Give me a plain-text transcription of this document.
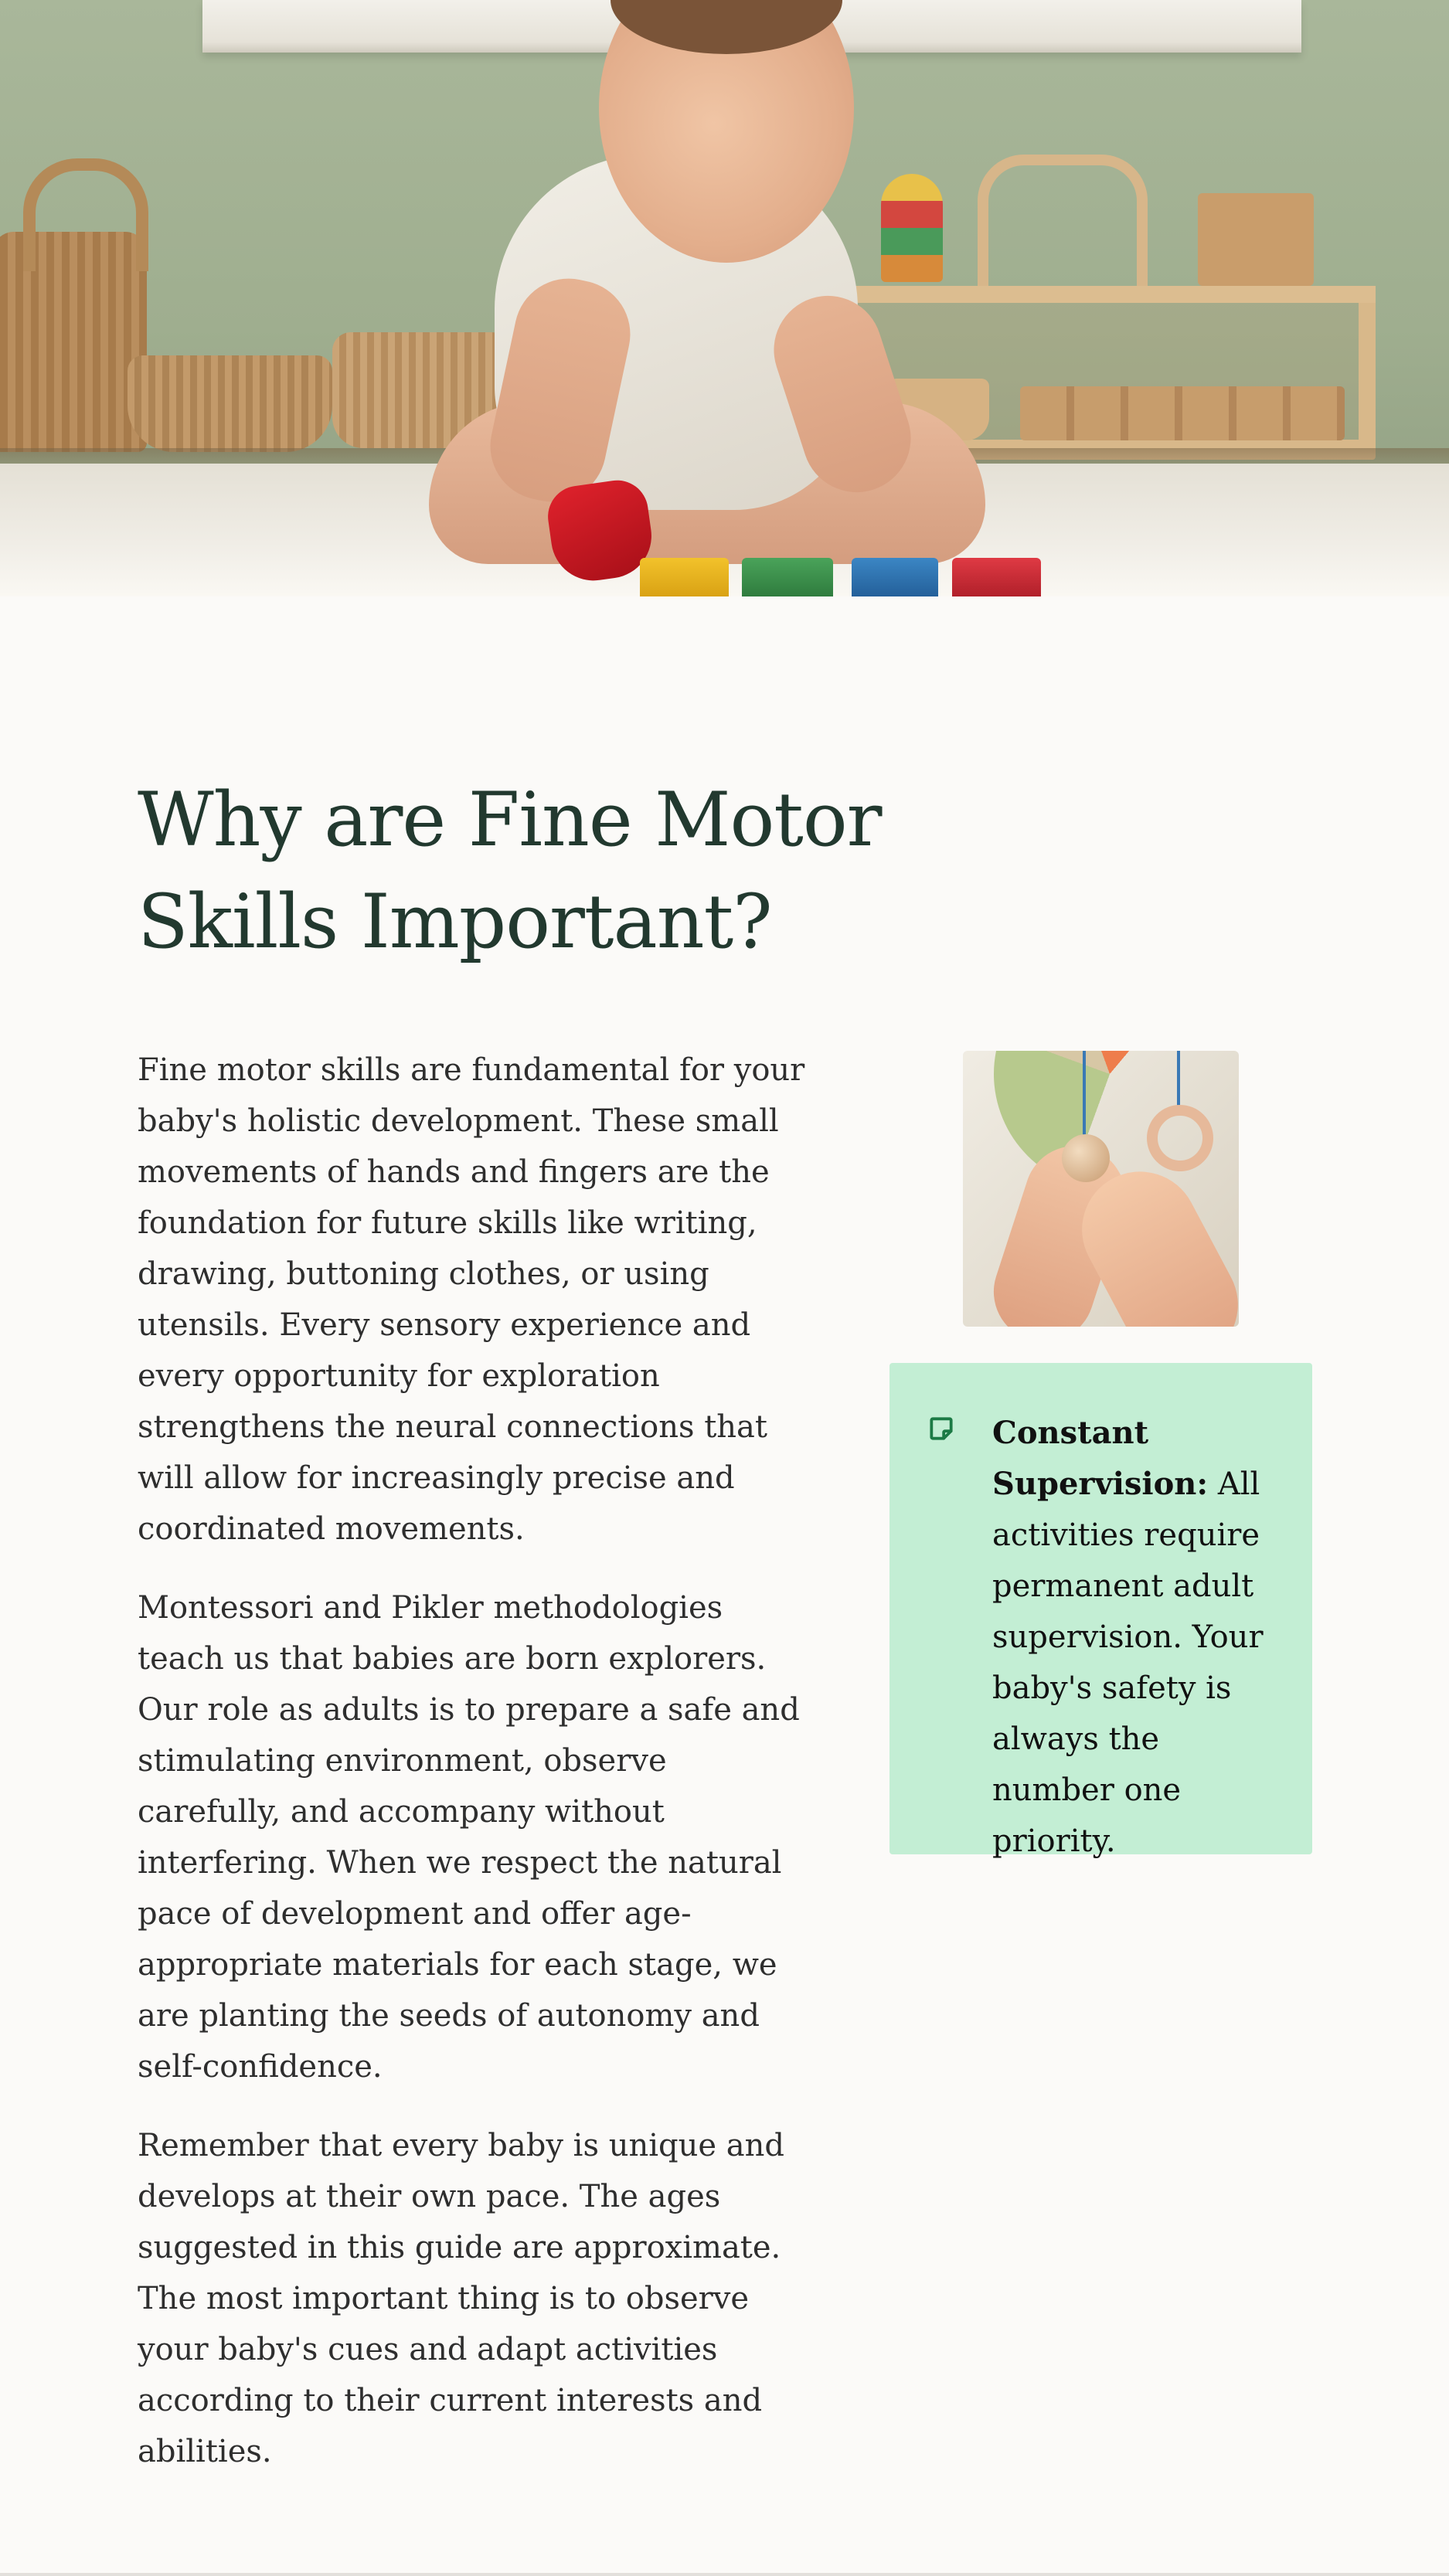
Why are Fine Motor Skills Important?

Fine motor skills are fundamental for your baby's holistic development. These small movements of hands and fingers are the foundation for future skills like writing, drawing, buttoning clothes, or using utensils. Every sensory experience and every opportunity for exploration strengthens the neural connections that will allow for increasingly precise and coordinated movements.

Montessori and Pikler methodologies teach us that babies are born explorers. Our role as adults is to prepare a safe and stimulating environment, observe carefully, and accompany without interfering. When we respect the natural pace of development and offer age-appropriate materials for each stage, we are planting the seeds of autonomy and self-confidence.

Remember that every baby is unique and develops at their own pace. The ages suggested in this guide are approximate. The most important thing is to observe your baby's cues and adapt activities according to their current interests and abilities.

Constant Supervision: All activities require permanent adult supervision. Your baby's safety is always the number one priority.
